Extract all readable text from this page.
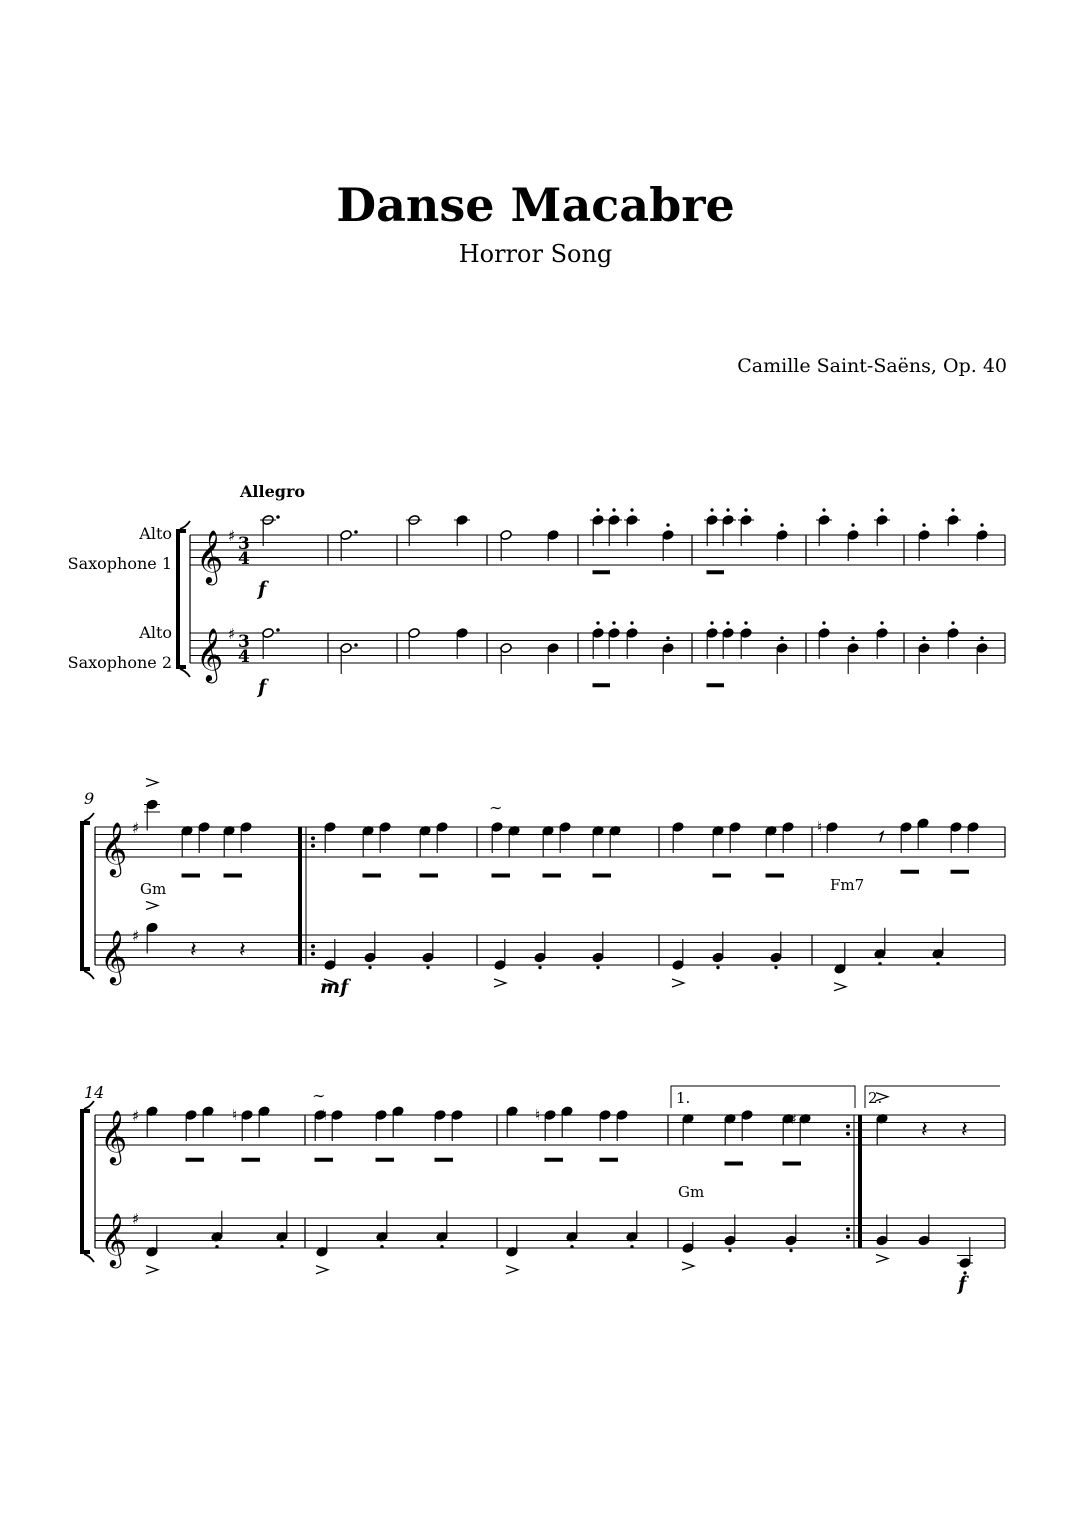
Danse Macabre
Horror Song
Camille Saint-Saëns, Op. 40
Alto
Saxophone 1
Alto
Saxophone 2
Allegro
9
14
Gm	Fm7
Gm
1.	2.
𝄞
𝄞
♯
♯
3
4
3
4
f
f
𝄞
𝄞
♯
♯
∼
♮
𝄽 𝄽
mf
𝄞
𝄞
♯
♯
♮
∼
♮	♮	♯	𝄽 𝄽
f
